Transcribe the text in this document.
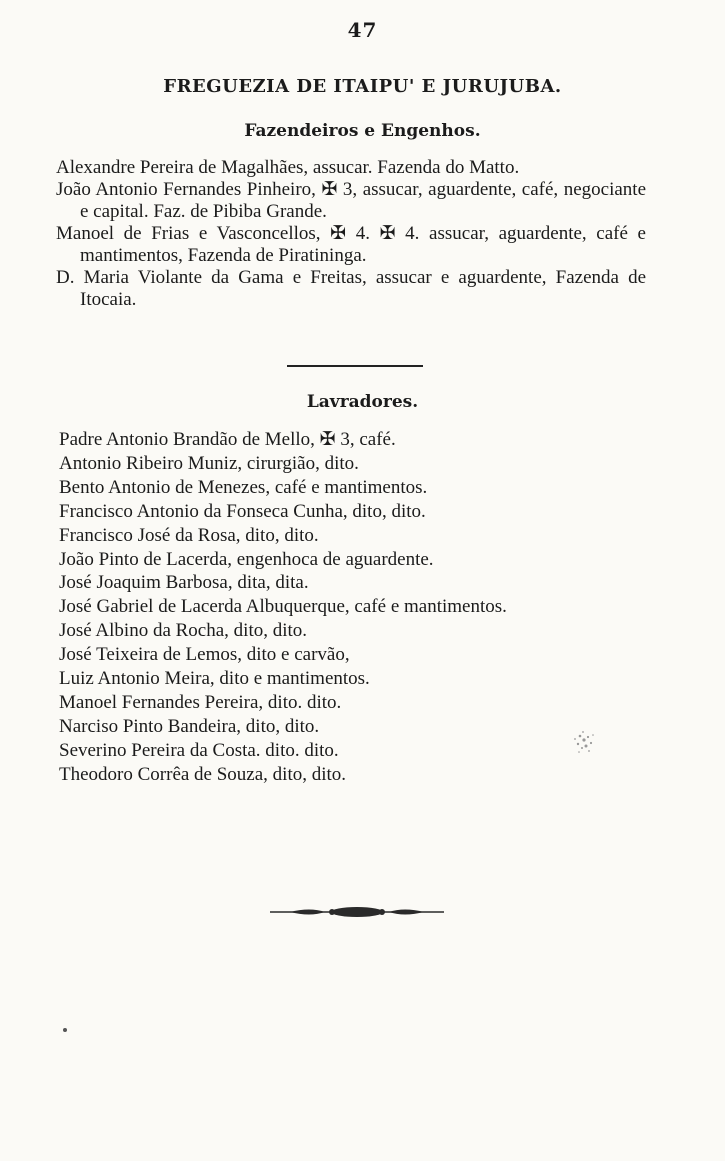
47
FREGUEZIA DE ITAIPU' E JURUJUBA.
Fazendeiros e Engenhos.

Alexandre Pereira de Magalhães, assucar. Fazenda do Matto.

João Antonio Fernandes Pinheiro, ✠ 3, assucar, aguardente, café, negociante e capital. Faz. de Pibiba Grande.

Manoel de Frias e Vasconcellos, ✠ 4. ✠ 4. assucar, aguardente, café e mantimentos, Fazenda de Piratininga.

D. Maria Violante da Gama e Freitas, assucar e aguardente, Fazenda de Itocaia.

Lavradores.

Padre Antonio Brandão de Mello, ✠ 3, café.

Antonio Ribeiro Muniz, cirurgião, dito.

Bento Antonio de Menezes, café e mantimentos.

Francisco Antonio da Fonseca Cunha, dito, dito.

Francisco José da Rosa, dito, dito.

João Pinto de Lacerda, engenhoca de aguardente.

José Joaquim Barbosa, dita, dita.

José Gabriel de Lacerda Albuquerque, café e mantimentos.

José Albino da Rocha, dito, dito.

José Teixeira de Lemos, dito e carvão,

Luiz Antonio Meira, dito e mantimentos.

Manoel Fernandes Pereira, dito. dito.

Narciso Pinto Bandeira, dito, dito.

Severino Pereira da Costa. dito. dito.

Theodoro Corrêa de Souza, dito, dito.
